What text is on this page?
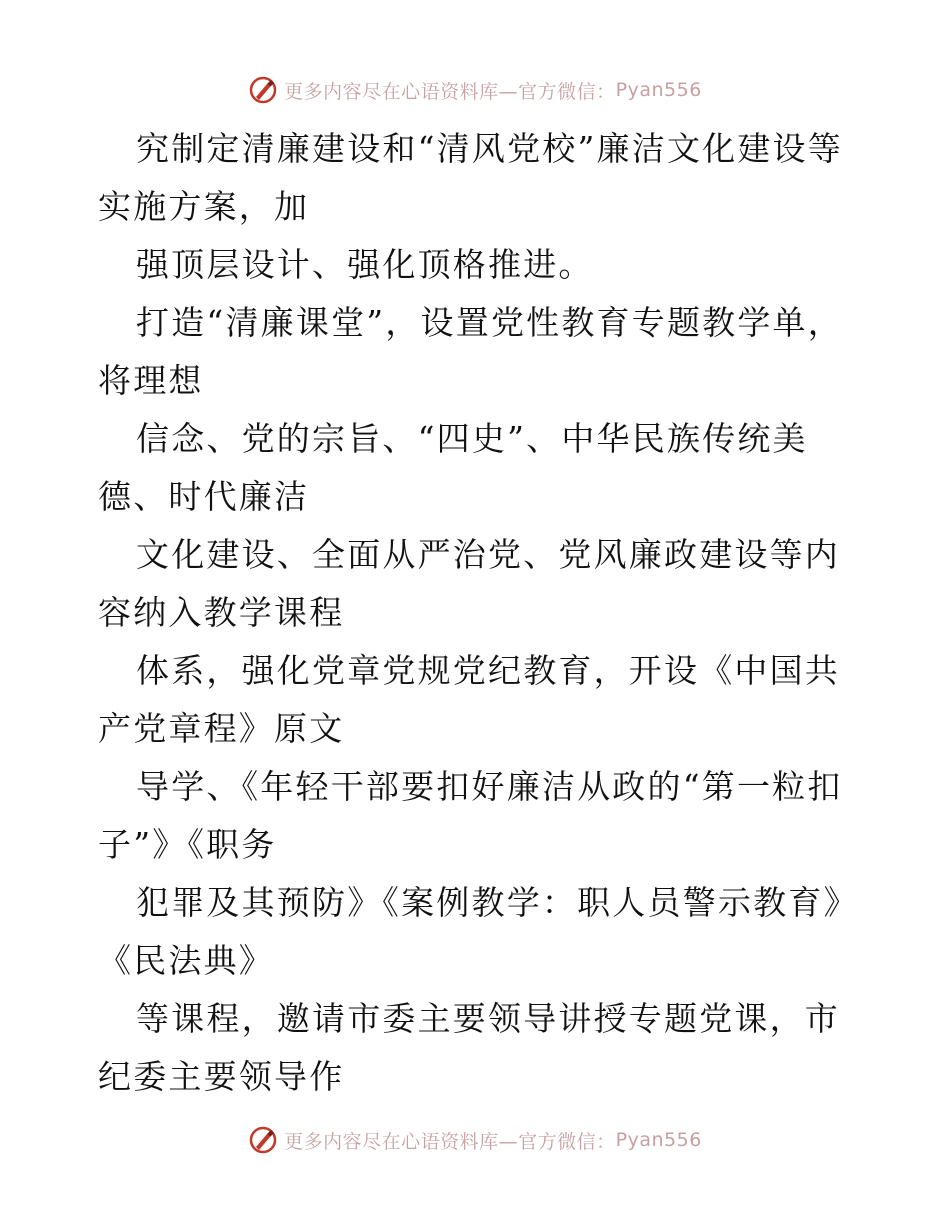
更多内容尽在心语资料库—官方微信： Pyan556

究制定清廉建设和“清风党校”廉洁文化建设等实施方案，加

强顶层设计、强化顶格推进。

打造“清廉课堂”，设置党性教育专题教学单，将理想

信念、党的宗旨、“四史”、中华民族传统美德、时代廉洁

文化建设、全面从严治党、党风廉政建设等内容纳入教学课程

体系，强化党章党规党纪教育，开设《中国共产党章程》原文

导学、《年轻干部要扣好廉洁从政的“第一粒扣子”》《职务

犯罪及其预防》《案例教学：职人员警示教育》《民法典》

等课程，邀请市委主要领导讲授专题党课，市纪委主要领导作

更多内容尽在心语资料库—官方微信： Pyan556
